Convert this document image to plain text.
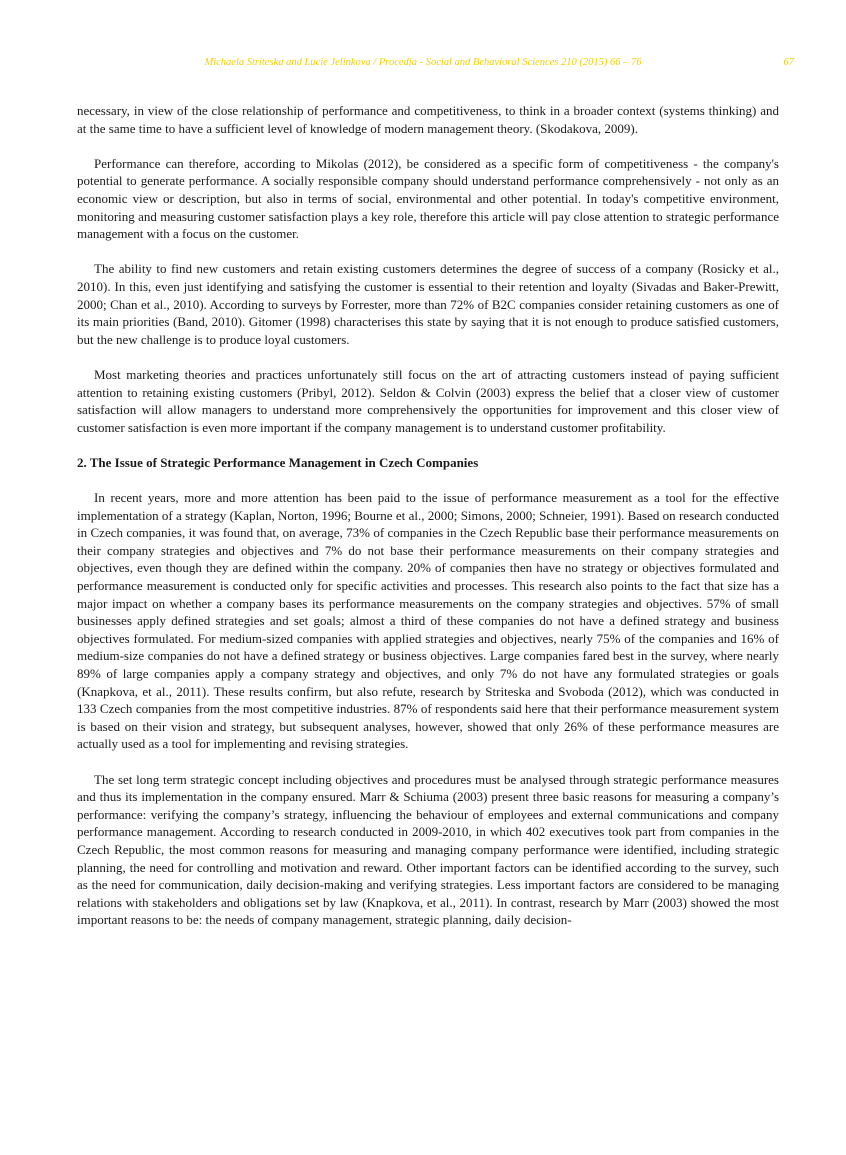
Michaela Striteska and Lucie Jelinkova / Procedia - Social and Behavioral Sciences 210 (2015) 66 – 76	67

necessary, in view of the close relationship of performance and competitiveness, to think in a broader context (systems thinking) and at the same time to have a sufficient level of knowledge of modern management theory. (Skodakova, 2009).

Performance can therefore, according to Mikolas (2012), be considered as a specific form of competitiveness - the company's potential to generate performance. A socially responsible company should understand performance comprehensively - not only as an economic view or description, but also in terms of social, environmental and other potential. In today's competitive environment, monitoring and measuring customer satisfaction plays a key role, therefore this article will pay close attention to strategic performance management with a focus on the customer.

The ability to find new customers and retain existing customers determines the degree of success of a company (Rosicky et al., 2010). In this, even just identifying and satisfying the customer is essential to their retention and loyalty (Sivadas and Baker-Prewitt, 2000; Chan et al., 2010). According to surveys by Forrester, more than 72% of B2C companies consider retaining customers as one of its main priorities (Band, 2010). Gitomer (1998) characterises this state by saying that it is not enough to produce satisfied customers, but the new challenge is to produce loyal customers.

Most marketing theories and practices unfortunately still focus on the art of attracting customers instead of paying sufficient attention to retaining existing customers (Pribyl, 2012). Seldon & Colvin (2003) express the belief that a closer view of customer satisfaction will allow managers to understand more comprehensively the opportunities for improvement and this closer view of customer satisfaction is even more important if the company management is to understand customer profitability.

2. The Issue of Strategic Performance Management in Czech Companies

In recent years, more and more attention has been paid to the issue of performance measurement as a tool for the effective implementation of a strategy (Kaplan, Norton, 1996; Bourne et al., 2000; Simons, 2000; Schneier, 1991). Based on research conducted in Czech companies, it was found that, on average, 73% of companies in the Czech Republic base their performance measurements on their company strategies and objectives and 7% do not base their performance measurements on their company strategies and objectives, even though they are defined within the company. 20% of companies then have no strategy or objectives formulated and performance measurement is conducted only for specific activities and processes. This research also points to the fact that size has a major impact on whether a company bases its performance measurements on the company strategies and objectives. 57% of small businesses apply defined strategies and set goals; almost a third of these companies do not have a defined strategy and business objectives formulated. For medium-sized companies with applied strategies and objectives, nearly 75% of the companies and 16% of medium-size companies do not have a defined strategy or business objectives. Large companies fared best in the survey, where nearly 89% of large companies apply a company strategy and objectives, and only 7% do not have any formulated strategies or goals (Knapkova, et al., 2011). These results confirm, but also refute, research by Striteska and Svoboda (2012), which was conducted in 133 Czech companies from the most competitive industries. 87% of respondents said here that their performance measurement system is based on their vision and strategy, but subsequent analyses, however, showed that only 26% of these performance measures are actually used as a tool for implementing and revising strategies.

The set long term strategic concept including objectives and procedures must be analysed through strategic performance measures and thus its implementation in the company ensured. Marr & Schiuma (2003) present three basic reasons for measuring a company’s performance: verifying the company’s strategy, influencing the behaviour of employees and external communications and company performance management. According to research conducted in 2009-2010, in which 402 executives took part from companies in the Czech Republic, the most common reasons for measuring and managing company performance were identified, including strategic planning, the need for controlling and motivation and reward. Other important factors can be identified according to the survey, such as the need for communication, daily decision-making and verifying strategies. Less important factors are considered to be managing relations with stakeholders and obligations set by law (Knapkova, et al., 2011). In contrast, research by Marr (2003) showed the most important reasons to be: the needs of company management, strategic planning, daily decision-
